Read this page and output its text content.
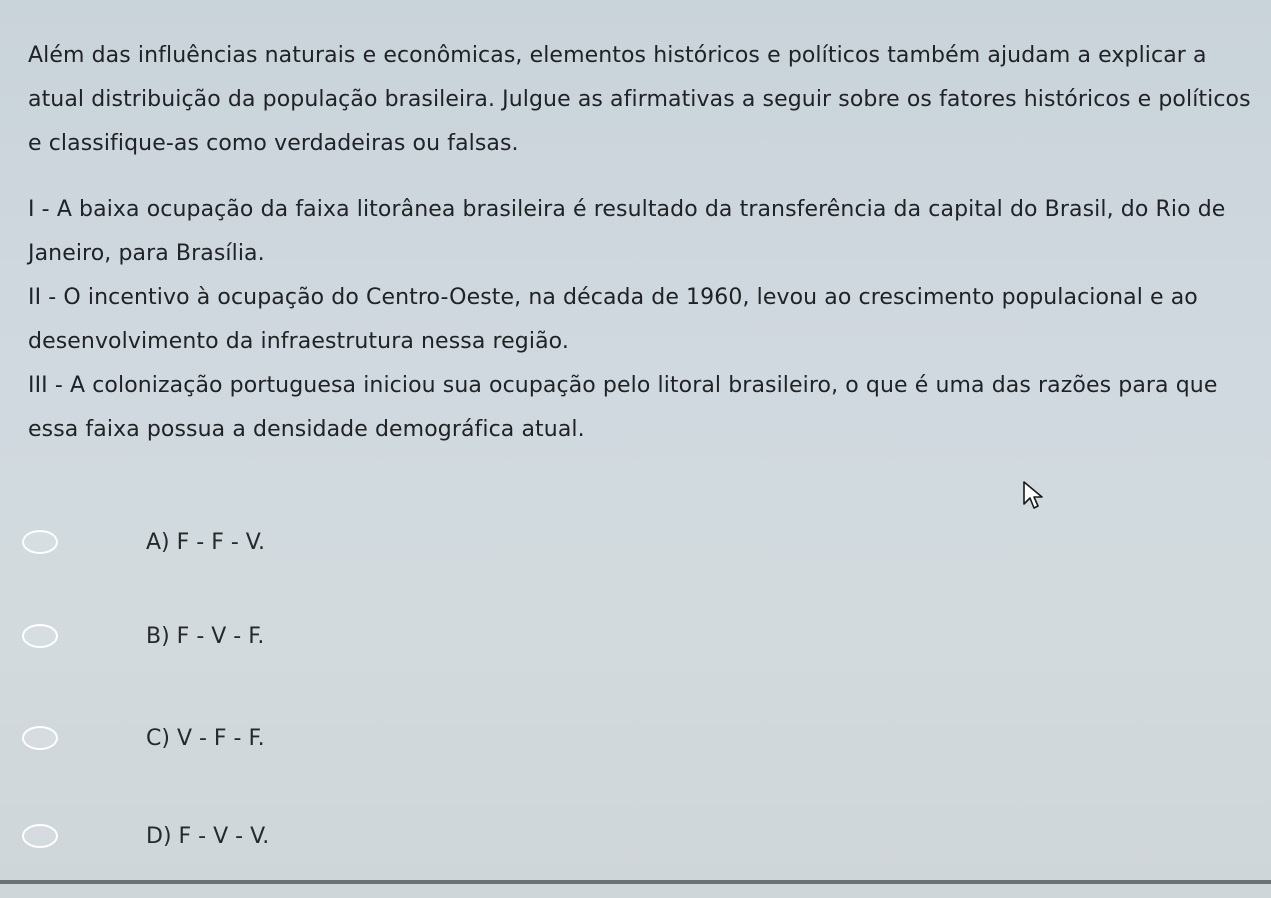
Além das influências naturais e econômicas, elementos históricos e políticos também ajudam a explicar a atual distribuição da população brasileira. Julgue as afirmativas a seguir sobre os fatores históricos e políticos e classifique-as como verdadeiras ou falsas.

I - A baixa ocupação da faixa litorânea brasileira é resultado da transferência da capital do Brasil, do Rio de Janeiro, para Brasília.

II - O incentivo à ocupação do Centro-Oeste, na década de 1960, levou ao crescimento populacional e ao desenvolvimento da infraestrutura nessa região.

III - A colonização portuguesa iniciou sua ocupação pelo litoral brasileiro, o que é uma das razões para que essa faixa possua a densidade demográfica atual.

A) F - F - V.
B) F - V - F.
C) V - F - F.
D) F - V - V.
